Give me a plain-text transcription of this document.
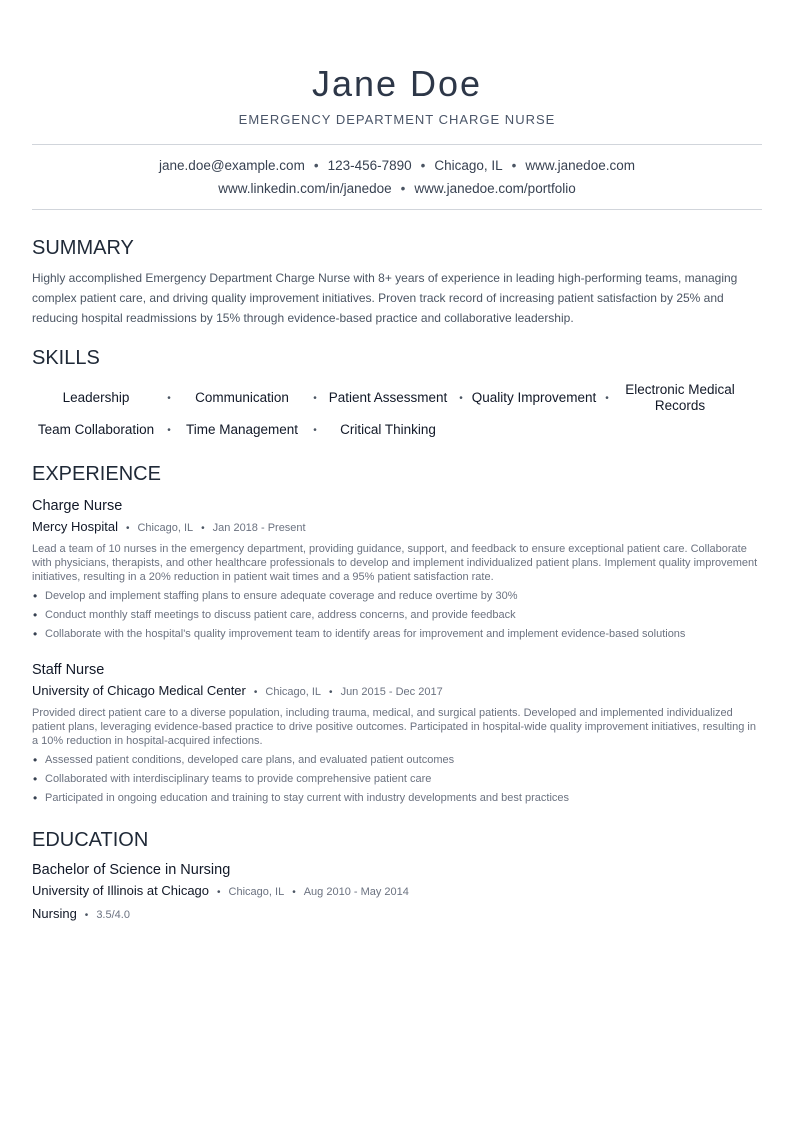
Jane Doe
EMERGENCY DEPARTMENT CHARGE NURSE
jane.doe@example.com • 123-456-7890 • Chicago, IL • www.janedoe.com
www.linkedin.com/in/janedoe • www.janedoe.com/portfolio
SUMMARY
Highly accomplished Emergency Department Charge Nurse with 8+ years of experience in leading high-performing teams, managing complex patient care, and driving quality improvement initiatives. Proven track record of increasing patient satisfaction by 25% and reducing hospital readmissions by 15% through evidence-based practice and collaborative leadership.
SKILLS
Leadership	•	Communication	• Patient Assessment	• Quality Improvement •
Electronic Medical Records
Team Collaboration	•	Time Management	•	Critical Thinking
EXPERIENCE
Charge Nurse
Mercy Hospital • Chicago, IL • Jan 2018 - Present
Lead a team of 10 nurses in the emergency department, providing guidance, support, and feedback to ensure exceptional patient care. Collaborate with physicians, therapists, and other healthcare professionals to develop and implement individualized patient plans. Implement quality improvement initiatives, resulting in a 20% reduction in patient wait times and a 95% patient satisfaction rate.
• Develop and implement staffing plans to ensure adequate coverage and reduce overtime by 30%
• Conduct monthly staff meetings to discuss patient care, address concerns, and provide feedback
• Collaborate with the hospital's quality improvement team to identify areas for improvement and implement evidence-based solutions
Staff Nurse
University of Chicago Medical Center • Chicago, IL • Jun 2015 - Dec 2017
Provided direct patient care to a diverse population, including trauma, medical, and surgical patients. Developed and implemented individualized patient plans, leveraging evidence-based practice to drive positive outcomes. Participated in hospital-wide quality improvement initiatives, resulting in a 10% reduction in hospital-acquired infections.
• Assessed patient conditions, developed care plans, and evaluated patient outcomes
• Collaborated with interdisciplinary teams to provide comprehensive patient care
• Participated in ongoing education and training to stay current with industry developments and best practices
EDUCATION
Bachelor of Science in Nursing
University of Illinois at Chicago • Chicago, IL • Aug 2010 - May 2014
Nursing • 3.5/4.0
